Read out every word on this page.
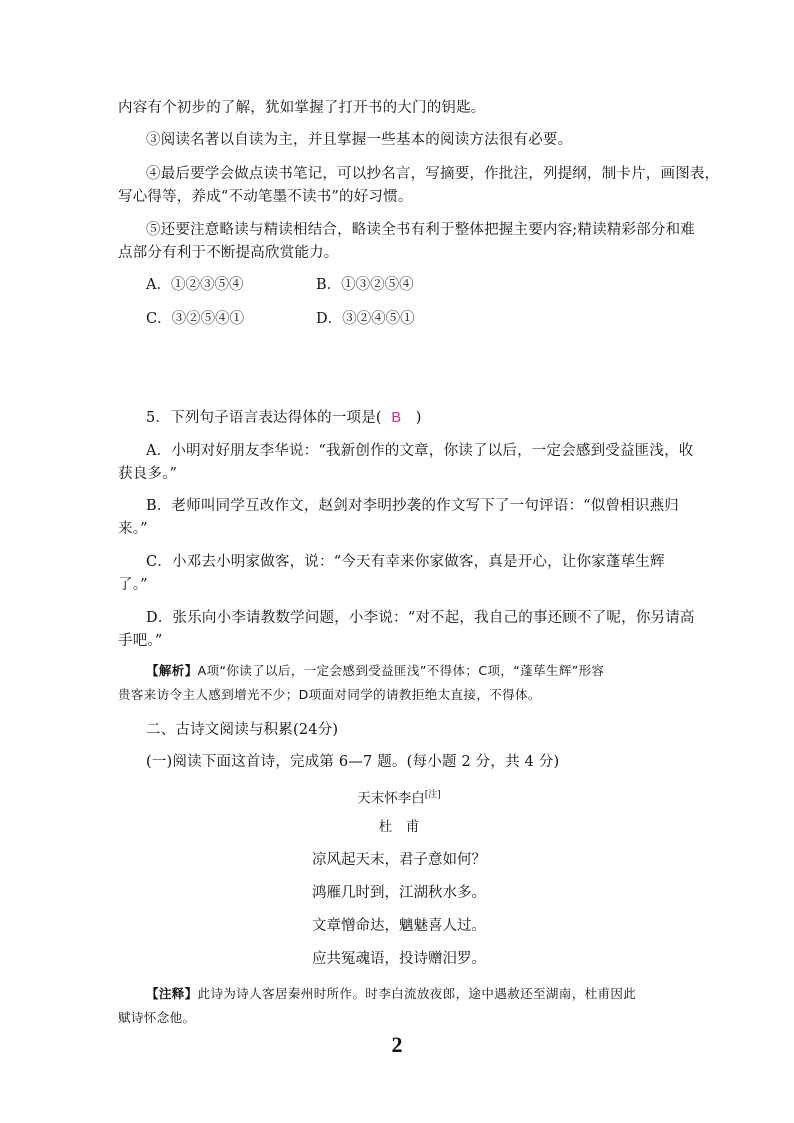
内容有个初步的了解，犹如掌握了打开书的大门的钥匙。
③阅读名著以自读为主，并且掌握一些基本的阅读方法很有必要。
④最后要学会做点读书笔记，可以抄名言，写摘要，作批注，列提纲，制卡片，画图表，
写心得等，养成“不动笔墨不读书”的好习惯。
⑤还要注意略读与精读相结合，略读全书有利于整体把握主要内容;精读精彩部分和难
点部分有利于不断提高欣赏能力。
A．①②③⑤④	B．①③②⑤④
C．③②⑤④①	D．③②④⑤①
5．下列句子语言表达得体的一项是( B )
A．小明对好朋友李华说：“我新创作的文章，你读了以后，一定会感到受益匪浅，收
获良多。”
B．老师叫同学互改作文，赵剑对李明抄袭的作文写下了一句评语：“似曾相识燕归
来。”
C．小邓去小明家做客，说：“今天有幸来你家做客，真是开心，让你家蓬荜生辉
了。”
D．张乐向小李请教数学问题，小李说：“对不起，我自己的事还顾不了呢，你另请高
手吧。”
【解析】A项“你读了以后，一定会感到受益匪浅”不得体；C项，“蓬荜生辉”形容
贵客来访令主人感到增光不少；D项面对同学的请教拒绝太直接，不得体。
二、古诗文阅读与积累(24分)
(一)阅读下面这首诗，完成第 6—7 题。(每小题 2 分，共 4 分)
天末怀李白[注]
杜　甫
凉风起天末，君子意如何？
鸿雁几时到，江湖秋水多。
文章憎命达，魑魅喜人过。
应共冤魂语，投诗赠汨罗。
【注释】此诗为诗人客居秦州时所作。时李白流放夜郎，途中遇赦还至湖南，杜甫因此
赋诗怀念他。
2
